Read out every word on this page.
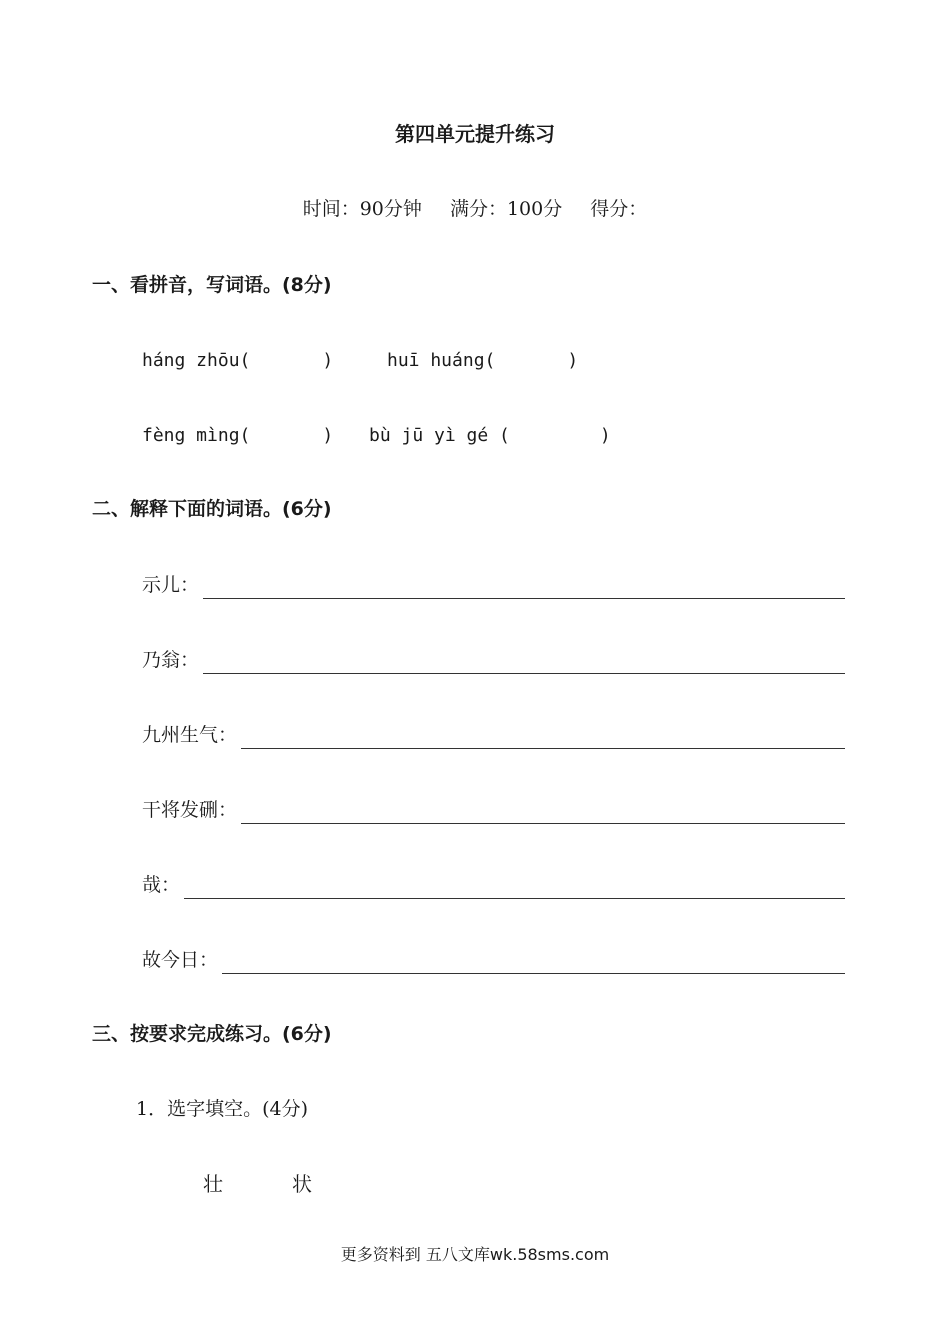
第四单元提升练习
时间：90分钟 满分：100分 得分：
一、看拼音，写词语。(8分)
háng zhōu(　　　　)	huī huáng(　　　　)
fèng mìng(　　　　) bù jū yì gé (　　　　　)
二、解释下面的词语。(6分)
示儿：
乃翁：
九州生气：
干将发硎：
哉：
故今日：
三、按要求完成练习。(6分)
1．选字填空。(4分)
壮	状
更多资料到 五八文库wk.58sms.com
